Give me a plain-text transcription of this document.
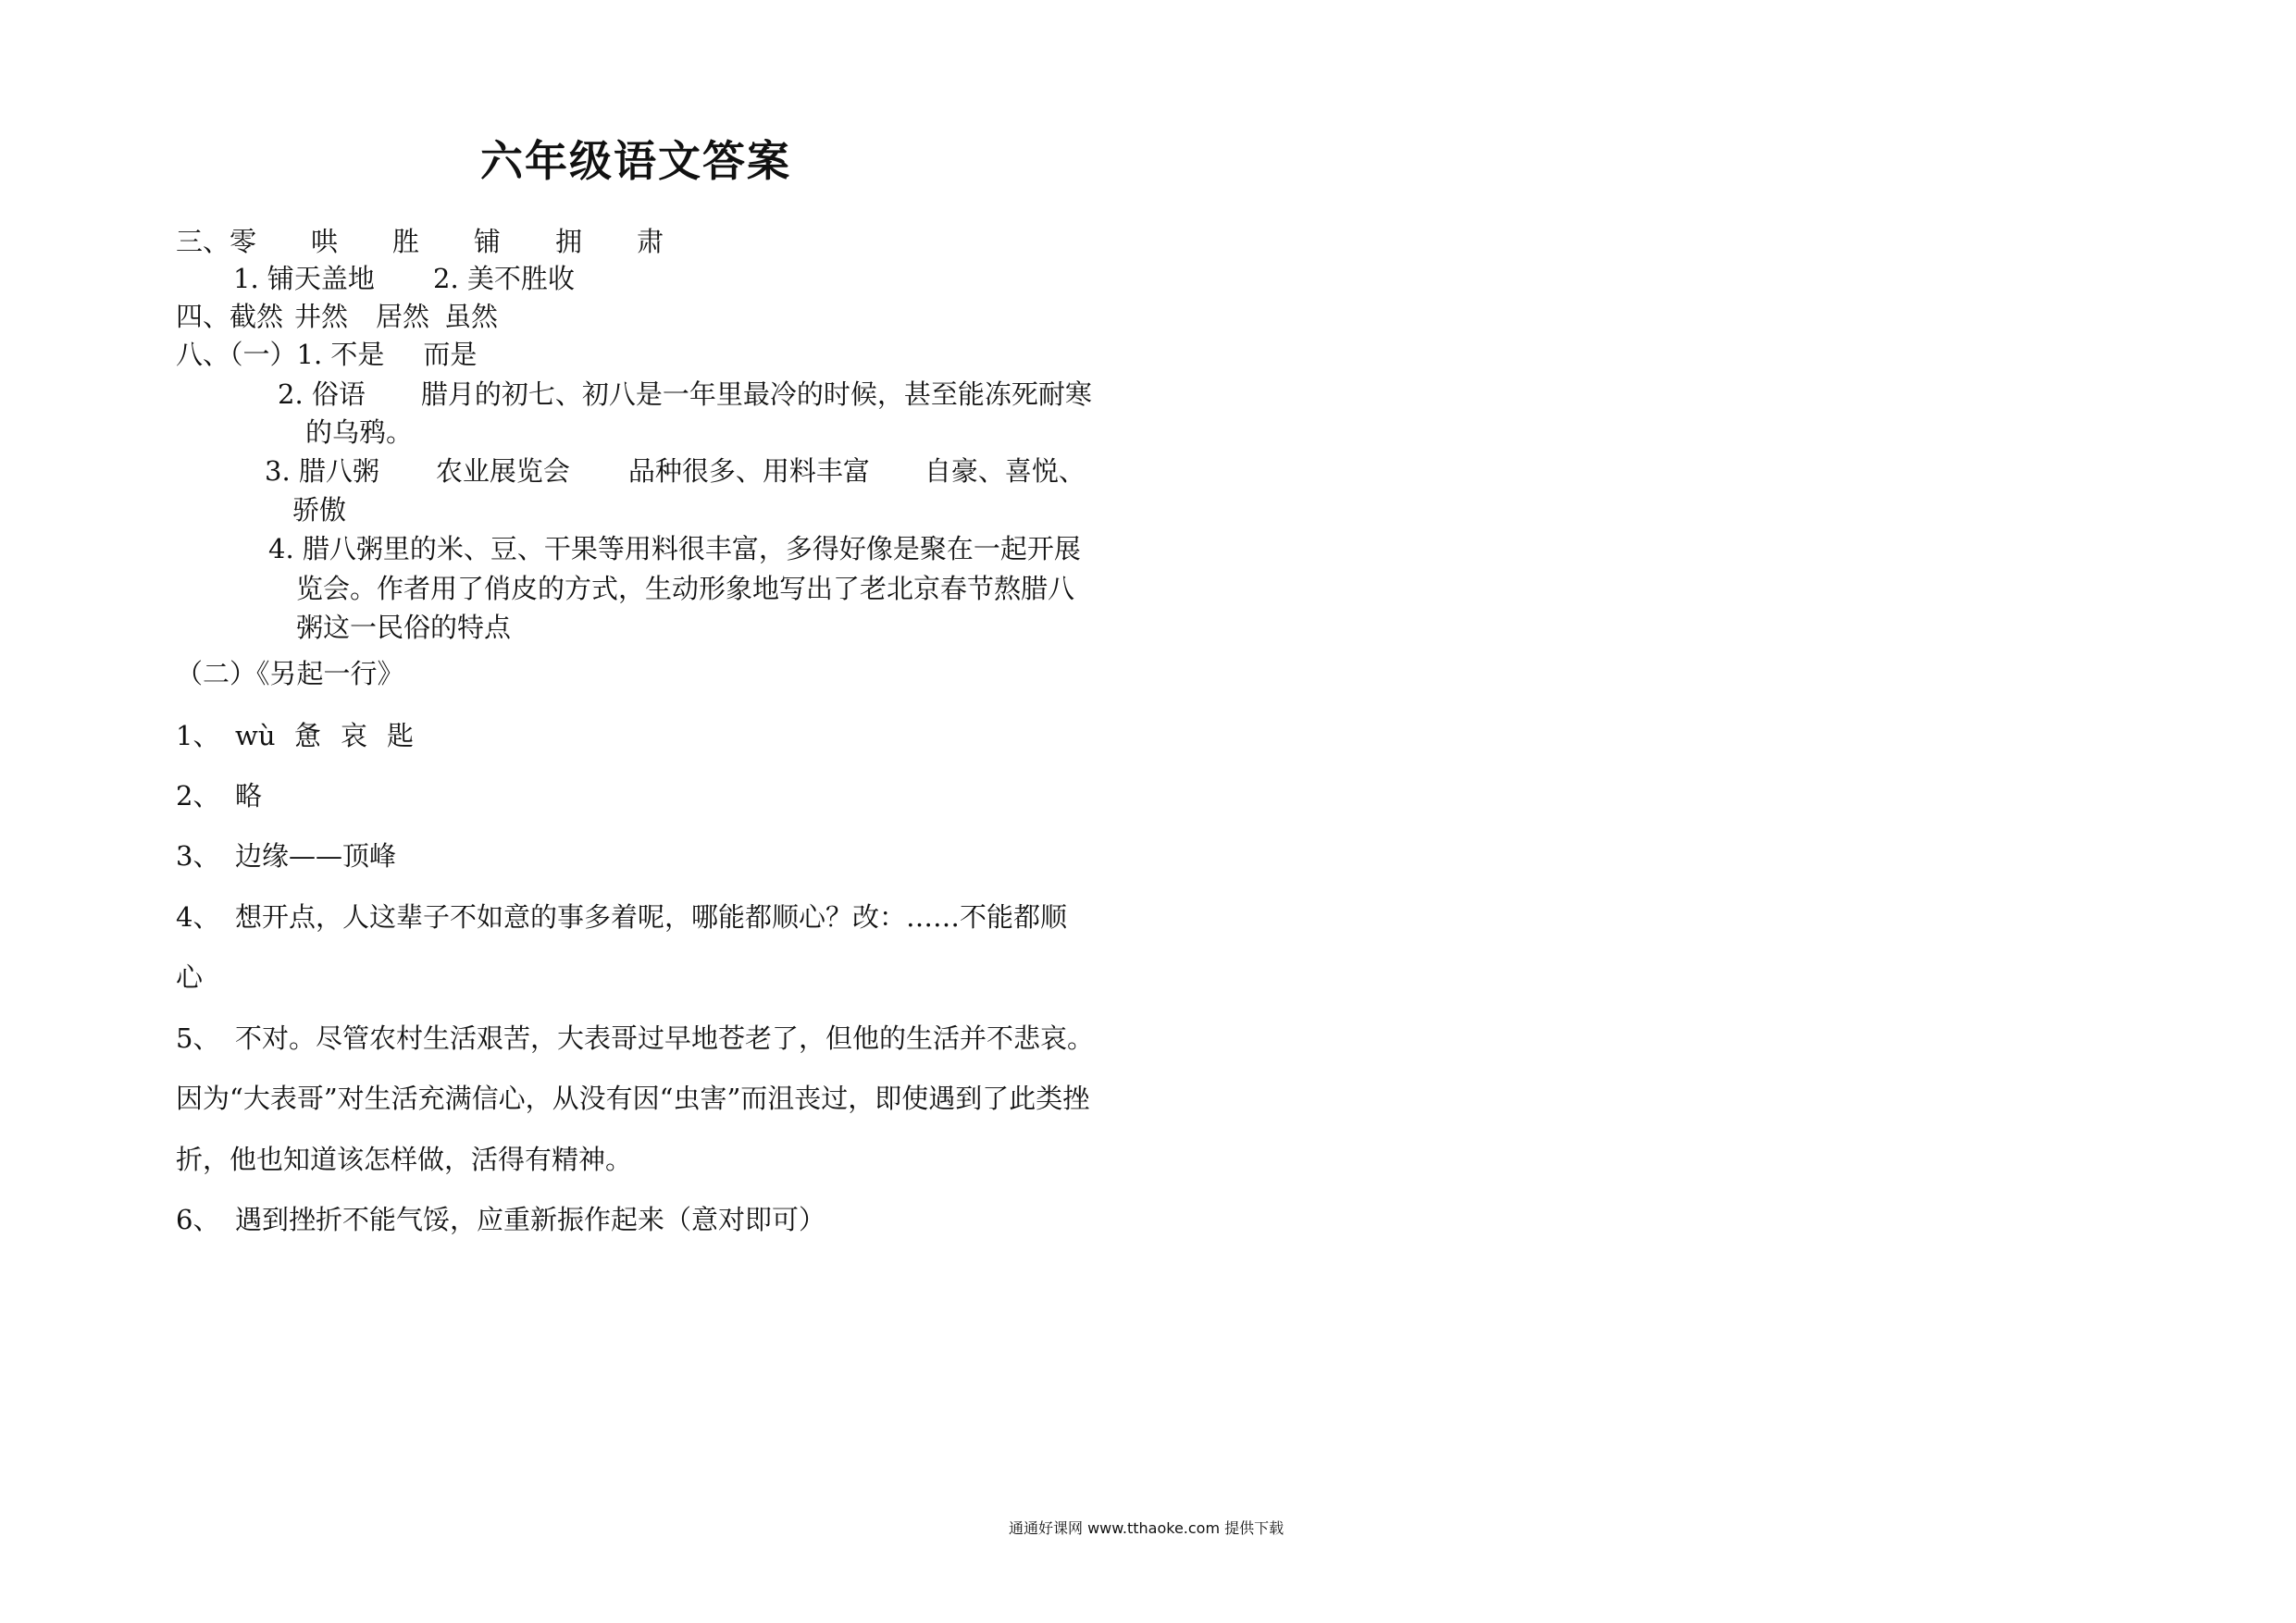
六年级语文答案
三、零 哄 胜 铺 拥 肃
1. 铺天盖地 2. 美不胜收
四、截然 井然 居然 虽然
八、（一）1. 不是 而是
2. 俗语 腊月的初七、初八是一年里最冷的时候，甚至能冻死耐寒
的乌鸦。
3. 腊八粥 农业展览会 品种很多、用料丰富 自豪、喜悦、
骄傲
4. 腊八粥里的米、豆、干果等用料很丰富，多得好像是聚在一起开展
览会。作者用了俏皮的方式，生动形象地写出了老北京春节熬腊八
粥这一民俗的特点
（二）《另起一行》
1、 wù 惫 哀 匙
2、 略
3、 边缘——顶峰
4、 想开点，人这辈子不如意的事多着呢，哪能都顺心？改：……不能都顺
心
5、 不对。尽管农村生活艰苦，大表哥过早地苍老了，但他的生活并不悲哀。
因为“大表哥”对生活充满信心，从没有因“虫害”而沮丧过，即使遇到了此类挫
折，他也知道该怎样做，活得有精神。
6、 遇到挫折不能气馁，应重新振作起来（意对即可）
通通好课网 www.tthaoke.com 提供下载
